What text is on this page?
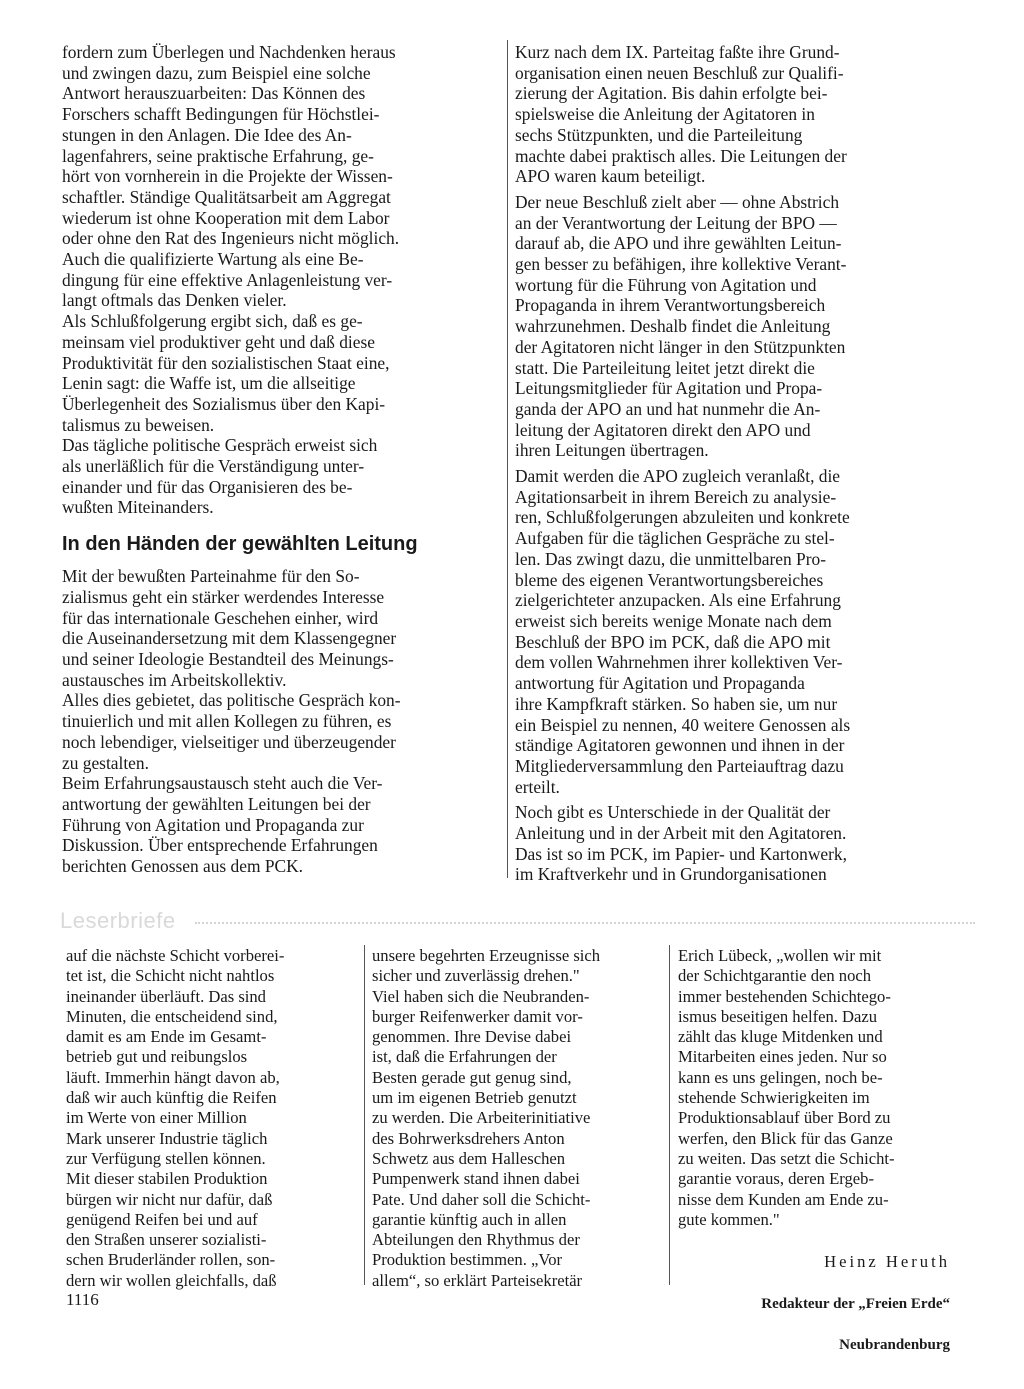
fordern zum Überlegen und Nachdenken heraus
und zwingen dazu, zum Beispiel eine solche
Antwort herauszuarbeiten: Das Können des
Forschers schafft Bedingungen für Höchstlei-
stungen in den Anlagen. Die Idee des An-
lagenfahrers, seine praktische Erfahrung, ge-
hört von vornherein in die Projekte der Wissen-
schaftler. Ständige Qualitätsarbeit am Aggregat
wiederum ist ohne Kooperation mit dem Labor
oder ohne den Rat des Ingenieurs nicht möglich.
Auch die qualifizierte Wartung als eine Be-
dingung für eine effektive Anlagenleistung ver-
langt oftmals das Denken vieler.

Als Schlußfolgerung ergibt sich, daß es ge-
meinsam viel produktiver geht und daß diese
Produktivität für den sozialistischen Staat eine,
Lenin sagt: die Waffe ist, um die allseitige
Überlegenheit des Sozialismus über den Kapi-
talismus zu beweisen.

Das tägliche politische Gespräch erweist sich
als unerläßlich für die Verständigung unter-
einander und für das Organisieren des be-
wußten Miteinanders.

In den Händen der gewählten Leitung

Mit der bewußten Parteinahme für den So-
zialismus geht ein stärker werdendes Interesse
für das internationale Geschehen einher, wird
die Auseinandersetzung mit dem Klassengegner
und seiner Ideologie Bestandteil des Meinungs-
austausches im Arbeitskollektiv.

Alles dies gebietet, das politische Gespräch kon-
tinuierlich und mit allen Kollegen zu führen, es
noch lebendiger, vielseitiger und überzeugender
zu gestalten.

Beim Erfahrungsaustausch steht auch die Ver-
antwortung der gewählten Leitungen bei der
Führung von Agitation und Propaganda zur
Diskussion. Über entsprechende Erfahrungen
berichten Genossen aus dem PCK.

Kurz nach dem IX. Parteitag faßte ihre Grund-
organisation einen neuen Beschluß zur Qualifi-
zierung der Agitation. Bis dahin erfolgte bei-
spielsweise die Anleitung der Agitatoren in
sechs Stützpunkten, und die Parteileitung
machte dabei praktisch alles. Die Leitungen der
APO waren kaum beteiligt.

Der neue Beschluß zielt aber — ohne Abstrich
an der Verantwortung der Leitung der BPO —
darauf ab, die APO und ihre gewählten Leitun-
gen besser zu befähigen, ihre kollektive Verant-
wortung für die Führung von Agitation und
Propaganda in ihrem Verantwortungsbereich
wahrzunehmen. Deshalb findet die Anleitung
der Agitatoren nicht länger in den Stützpunkten
statt. Die Parteileitung leitet jetzt direkt die
Leitungsmitglieder für Agitation und Propa-
ganda der APO an und hat nunmehr die An-
leitung der Agitatoren direkt den APO und
ihren Leitungen übertragen.

Damit werden die APO zugleich veranlaßt, die
Agitationsarbeit in ihrem Bereich zu analysie-
ren, Schlußfolgerungen abzuleiten und konkrete
Aufgaben für die täglichen Gespräche zu stel-
len. Das zwingt dazu, die unmittelbaren Pro-
bleme des eigenen Verantwortungsbereiches
zielgerichteter anzupacken. Als eine Erfahrung
erweist sich bereits wenige Monate nach dem
Beschluß der BPO im PCK, daß die APO mit
dem vollen Wahrnehmen ihrer kollektiven Ver-
antwortung für Agitation und Propaganda
ihre Kampfkraft stärken. So haben sie, um nur
ein Beispiel zu nennen, 40 weitere Genossen als
ständige Agitatoren gewonnen und ihnen in der
Mitgliederversammlung den Parteiauftrag dazu
erteilt.

Noch gibt es Unterschiede in der Qualität der
Anleitung und in der Arbeit mit den Agitatoren.
Das ist so im PCK, im Papier- und Kartonwerk,
im Kraftverkehr und in Grundorganisationen

Leserbriefe

auf die nächste Schicht vorberei-
tet ist, die Schicht nicht nahtlos
ineinander überläuft. Das sind
Minuten, die entscheidend sind,
damit es am Ende im Gesamt-
betrieb gut und reibungslos
läuft. Immerhin hängt davon ab,
daß wir auch künftig die Reifen
im Werte von einer Million
Mark unserer Industrie täglich
zur Verfügung stellen können.
Mit dieser stabilen Produktion
bürgen wir nicht nur dafür, daß
genügend Reifen bei und auf
den Straßen unserer sozialisti-
schen Bruderländer rollen, son-
dern wir wollen gleichfalls, daß

unsere begehrten Erzeugnisse sich
sicher und zuverlässig drehen."
Viel haben sich die Neubranden-
burger Reifenwerker damit vor-
genommen. Ihre Devise dabei
ist, daß die Erfahrungen der
Besten gerade gut genug sind,
um im eigenen Betrieb genutzt
zu werden. Die Arbeiterinitiative
des Bohrwerksdrehers Anton
Schwetz aus dem Halleschen
Pumpenwerk stand ihnen dabei
Pate. Und daher soll die Schicht-
garantie künftig auch in allen
Abteilungen den Rhythmus der
Produktion bestimmen. „Vor
allem“, so erklärt Parteisekretär

Erich Lübeck, „wollen wir mit
der Schichtgarantie den noch
immer bestehenden Schichtego-
ismus beseitigen helfen. Dazu
zählt das kluge Mitdenken und
Mitarbeiten eines jeden. Nur so
kann es uns gelingen, noch be-
stehende Schwierigkeiten im
Produktionsablauf über Bord zu
werfen, den Blick für das Ganze
zu weiten. Das setzt die Schicht-
garantie voraus, deren Ergeb-
nisse dem Kunden am Ende zu-
gute kommen."

Heinz Heruth

Redakteur der „Freien Erde“

Neubrandenburg

1116
